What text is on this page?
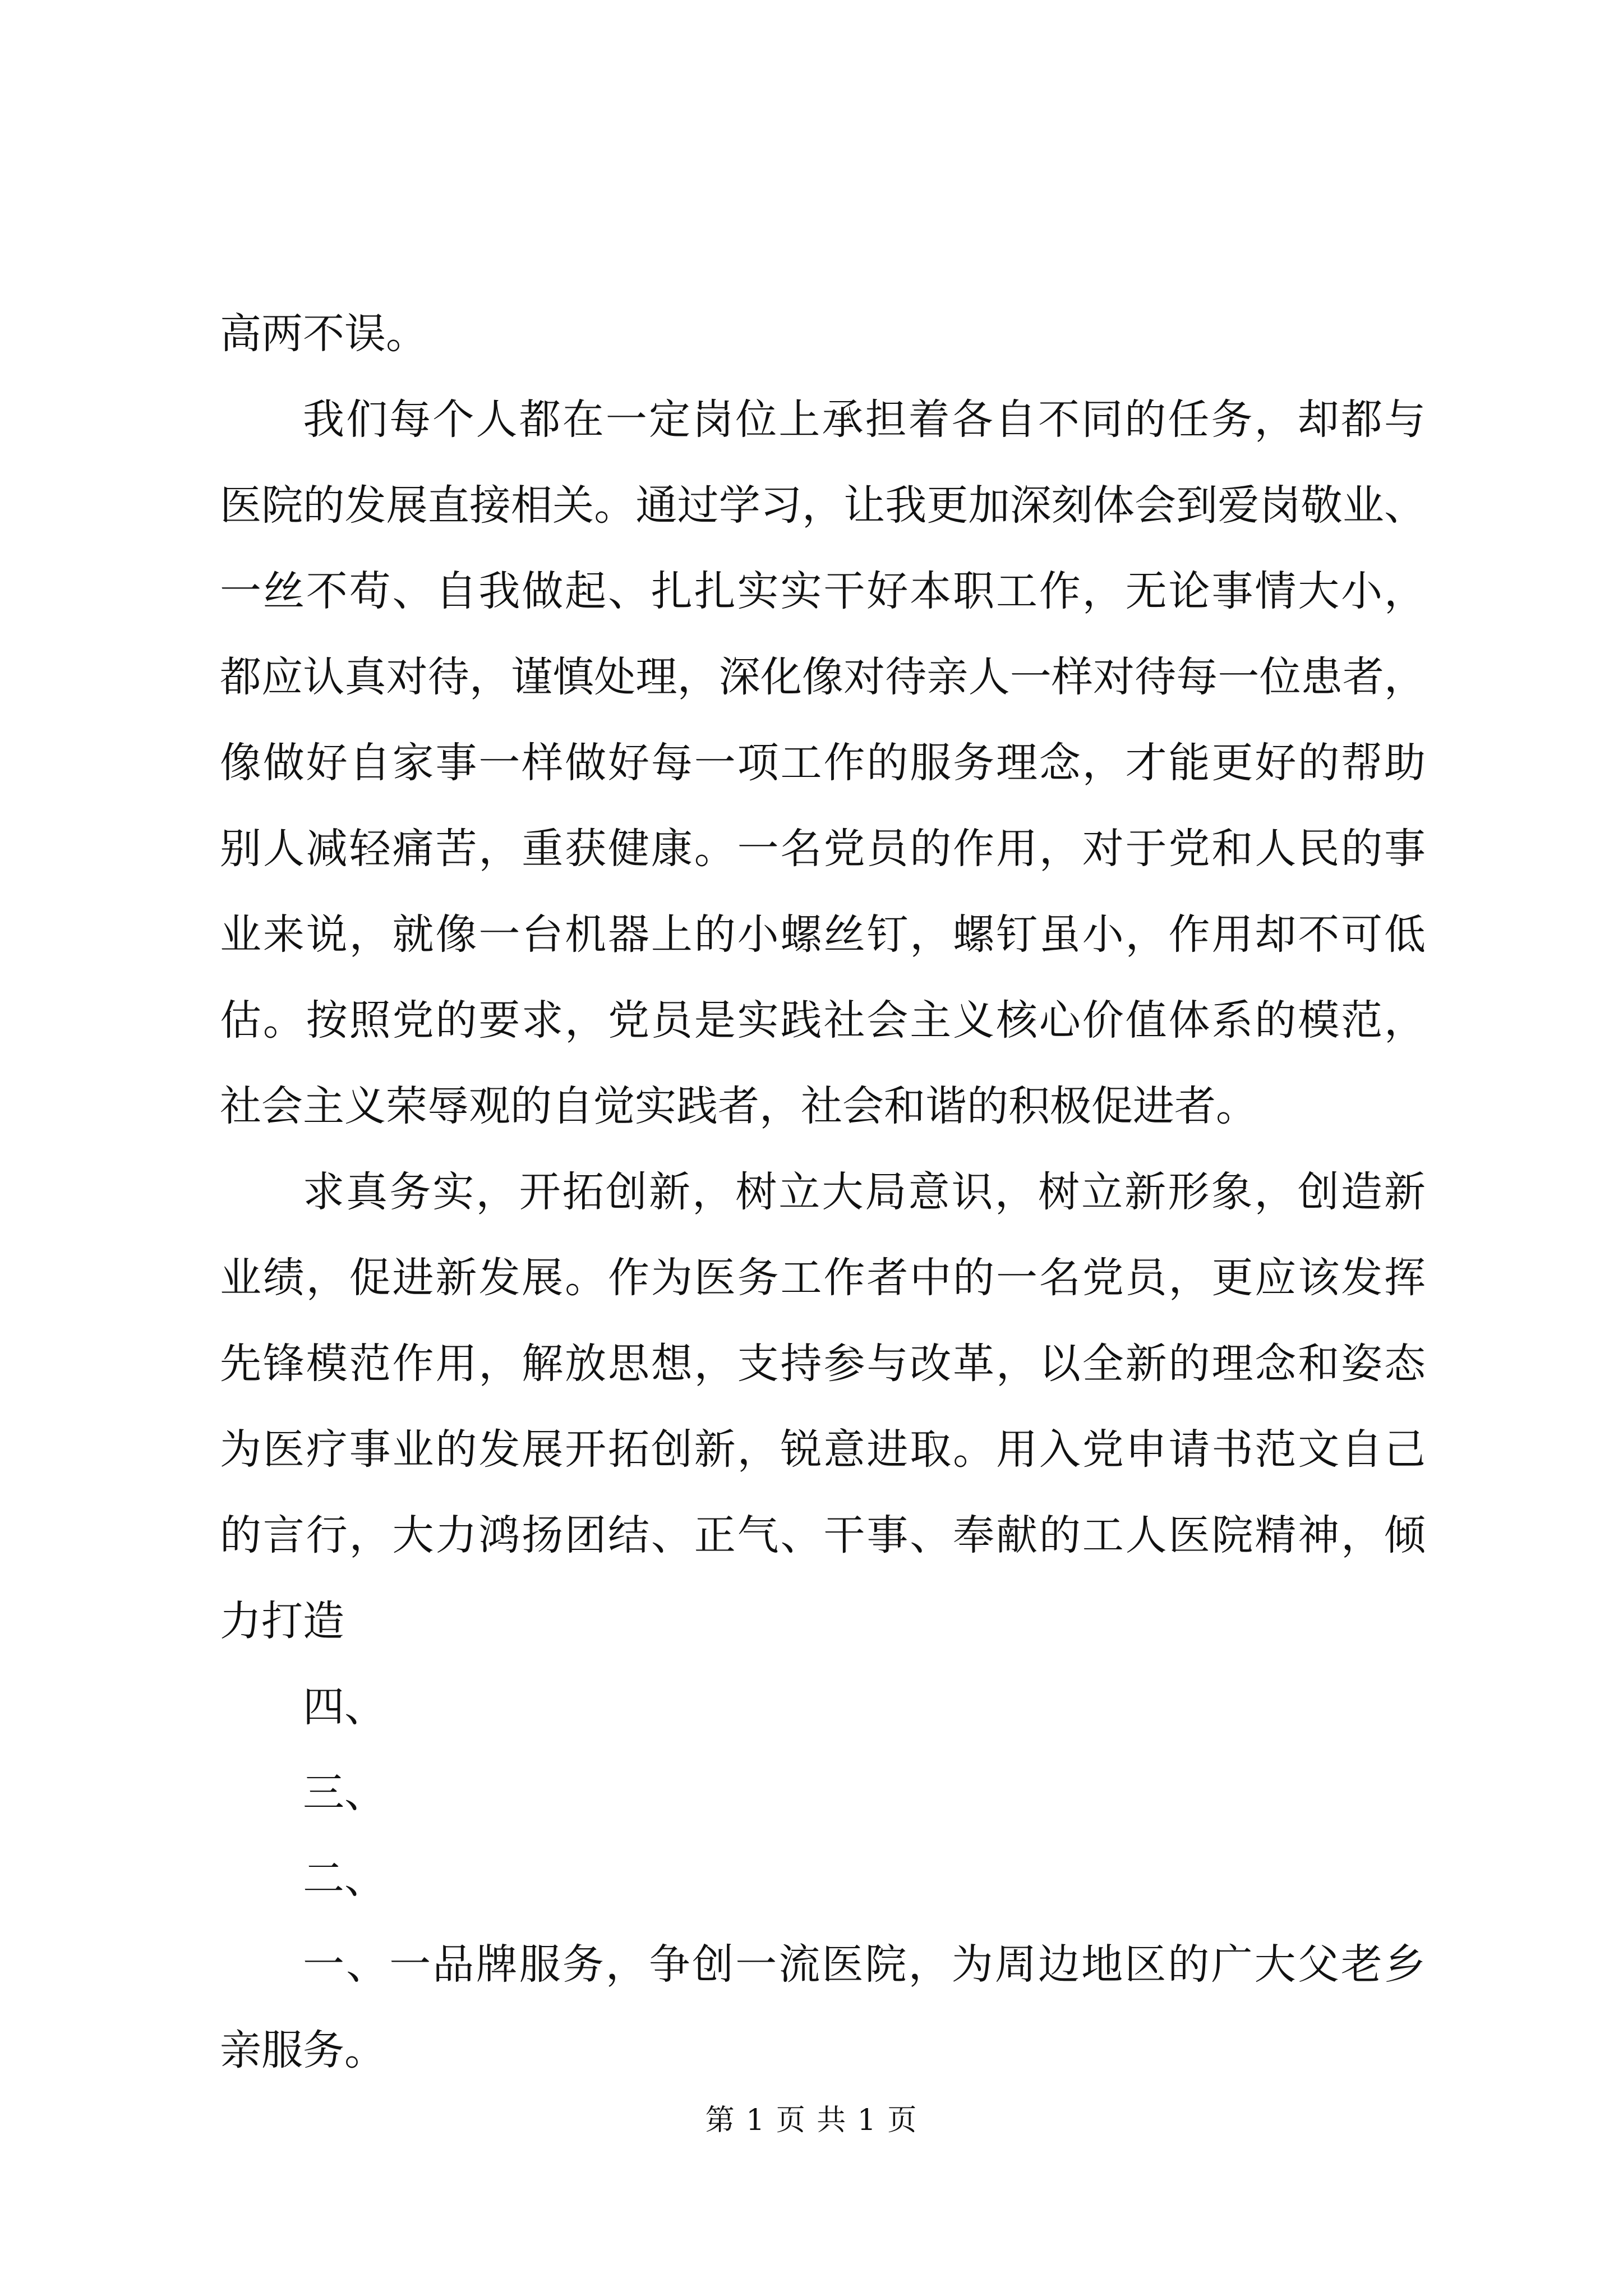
高两不误。
我们每个人都在一定岗位上承担着各自不同的任务，却都与
医院的发展直接相关。通过学习，让我更加深刻体会到爱岗敬业、
一丝不苟、自我做起、扎扎实实干好本职工作，无论事情大小，
都应认真对待，谨慎处理，深化像对待亲人一样对待每一位患者，
像做好自家事一样做好每一项工作的服务理念，才能更好的帮助
别人减轻痛苦，重获健康。一名党员的作用，对于党和人民的事
业来说，就像一台机器上的小螺丝钉，螺钉虽小，作用却不可低
估。按照党的要求，党员是实践社会主义核心价值体系的模范，
社会主义荣辱观的自觉实践者，社会和谐的积极促进者。
求真务实，开拓创新，树立大局意识，树立新形象，创造新
业绩，促进新发展。作为医务工作者中的一名党员，更应该发挥
先锋模范作用，解放思想，支持参与改革，以全新的理念和姿态
为医疗事业的发展开拓创新，锐意进取。用入党申请书范文自己
的言行，大力鸿扬团结、正气、干事、奉献的工人医院精神，倾
力打造
四、
三、
二、
一、一品牌服务，争创一流医院，为周边地区的广大父老乡
亲服务。
第 1 页 共 1 页
